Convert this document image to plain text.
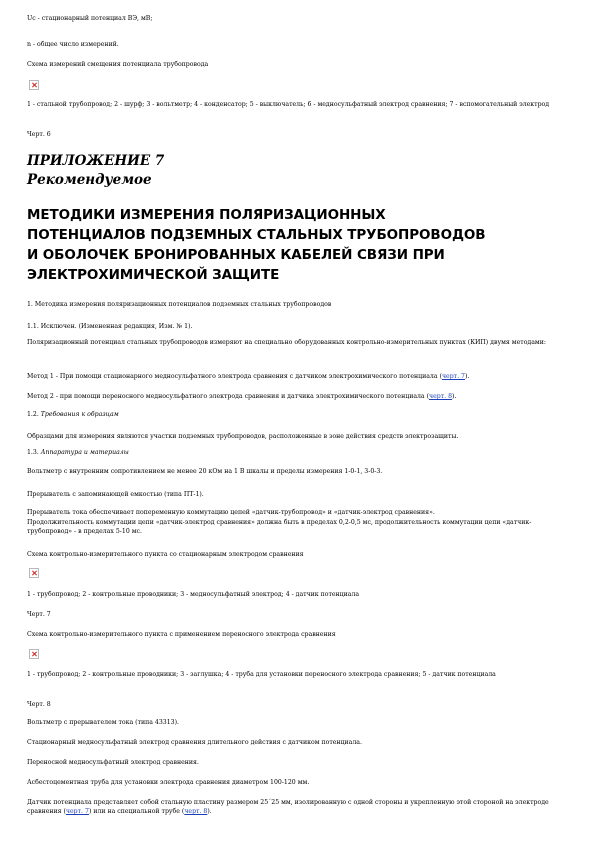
Uc - стационарный потенциал ВЭ, мВ;

n - общее число измерений.

Схема измерений смещения потенциала трубопровода

1 - стальной трубопровод; 2 - шурф; 3 - вольтметр; 4 - конденсатор; 5 - выключатель; 6 - медносульфатный электрод сравнения; 7 - вспомогательный электрод

Черт. 6

ПРИЛОЖЕНИЕ 7

Рекомендуемое

МЕТОДИКИ ИЗМЕРЕНИЯ ПОЛЯРИЗАЦИОННЫХ

ПОТЕНЦИАЛОВ ПОДЗЕМНЫХ СТАЛЬНЫХ ТРУБОПРОВОДОВ

И ОБОЛОЧЕК БРОНИРОВАННЫХ КАБЕЛЕЙ СВЯЗИ ПРИ

ЭЛЕКТРОХИМИЧЕСКОЙ ЗАЩИТЕ

1. Методика измерения поляризационных потенциалов подземных стальных трубопроводов

1.1. Исключен. (Измененная редакция, Изм. № 1).

Поляризационный потенциал стальных трубопроводов измеряют на специально оборудованных контрольно-измерительных пунктах (КИП) двумя методами:

Метод 1 - При помощи стационарного медносульфатного электрода сравнения с датчиком электрохимического потенциала (черт. 7).

Метод 2 - при помощи переносного медносульфатного электрода сравнения и датчика электрохимического потенциала (черт. 8).

1.2. Требования к образцам

Образцами для измерения являются участки подземных трубопроводов, расположенные в зоне действия средств электрозащиты.

1.3. Аппаратура и материалы

Вольтметр с внутренним сопротивлением не менее 20 кОм на 1 В шкалы и пределы измерения 1-0-1, 3-0-3.

Прерыватель с запоминающей емкостью (типа ПТ-1).

Прерыватель тока обеспечивает попеременную коммутацию цепей «датчик-трубопровод» и «датчик-электрод сравнения».

Продолжительность коммутации цепи «датчик-электрод сравнения» должна быть в пределах 0,2-0,5 мс, продолжительность коммутации цепи «датчик-трубопровод» - в пределах 5-10 мс.

Схема контрольно-измерительного пункта со стационарным электродом сравнения

1 - трубопровод; 2 - контрольные проводники; 3 - медносульфатный электрод; 4 - датчик потенциала

Черт. 7

Схема контрольно-измерительного пункта с применением переносного электрода сравнения

1 - трубопровод; 2 - контрольные проводники; 3 - заглушка; 4 - труба для установки переносного электрода сравнения; 5 - датчик потенциала

Черт. 8

Вольтметр с прерывателем тока (типа 43313).

Стационарный медносульфатный электрод сравнения длительного действия с датчиком потенциала.

Переносной медносульфатный электрод сравнения.

Асбестоцементная труба для установки электрода сравнения диаметром 100-120 мм.

Датчик потенциала представляет собой стальную пластину размером 25´25 мм, изолированную с одной стороны и укрепленную этой стороной на электроде сравнения (черт. 7) или на специальной трубе (черт. 8).
